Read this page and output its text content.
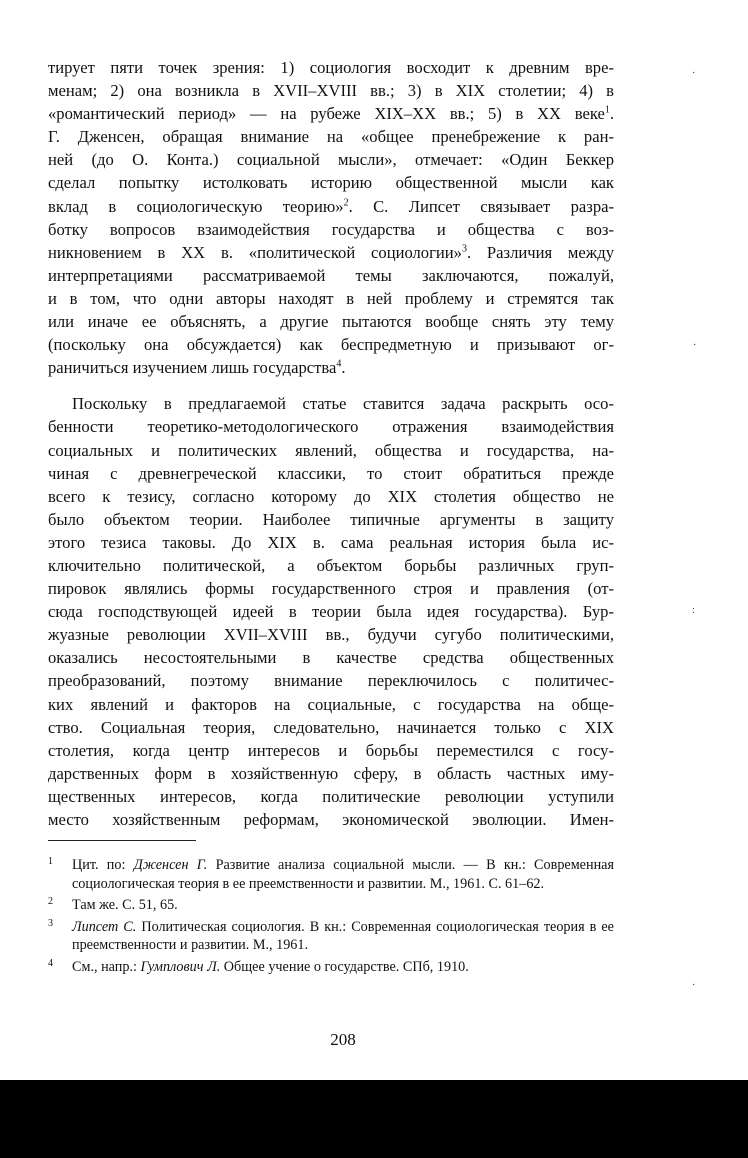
тирует пяти точек зрения: 1) социология восходит к древним вре-

менам; 2) она возникла в XVII–XVIII вв.; 3) в XIX столетии; 4) в

«романтический период» — на рубеже XIX–XX вв.; 5) в XX веке$^1$.

Г. Дженсен, обращая внимание на «общее пренебрежение к ран-

ней (до О. Конта.) социальной мысли», отмечает: «Один Беккер

сделал попытку истолковать историю общественной мысли как

вклад в социологическую теорию»$^2$. С. Липсет связывает разра-

ботку вопросов взаимодействия государства и общества с воз-

никновением в XX в. «политической социологии»$^3$. Различия между

интерпретациями рассматриваемой темы заключаются, пожалуй,

и в том, что одни авторы находят в ней проблему и стремятся так

или иначе ее объяснять, а другие пытаются вообще снять эту тему

(поскольку она обсуждается) как беспредметную и призывают ог-

раничиться изучением лишь государства$^4$.

Поскольку в предлагаемой статье ставится задача раскрыть осо-

бенности теоретико-методологического отражения взаимодействия

социальных и политических явлений, общества и государства, на-

чиная с древнегреческой классики, то стоит обратиться прежде

всего к тезису, согласно которому до XIX столетия общество не

было объектом теории. Наиболее типичные аргументы в защиту

этого тезиса таковы. До XIX в. сама реальная история была ис-

ключительно политической, а объектом борьбы различных груп-

пировок являлись формы государственного строя и правления (от-

сюда господствующей идеей в теории была идея государства). Бур-

жуазные революции XVII–XVIII вв., будучи сугубо политическими,

оказались несостоятельными в качестве средства общественных

преобразований, поэтому внимание переключилось с политичес-

ких явлений и факторов на социальные, с государства на обще-

ство. Социальная теория, следовательно, начинается только с XIX

столетия, когда центр интересов и борьбы переместился с госу-

дарственных форм в хозяйственную сферу, в область частных иму-

щественных интересов, когда политические революции уступили

место хозяйственным реформам, экономической эволюции. Имен-

1 Цит. по: Дженсен Г. Развитие анализа социальной мысли. — В кн.: Современная социологическая теория в ее преемственности и развитии. М., 1961. С. 61–62.
2 Там же. С. 51, 65.
3 Липсет С. Политическая социология. В кн.: Современная социологическая теория в ее преемственности и развитии. М., 1961.
4 См., напр.: Гумплович Л. Общее учение о государстве. СПб, 1910.
208
·
·
:
·
